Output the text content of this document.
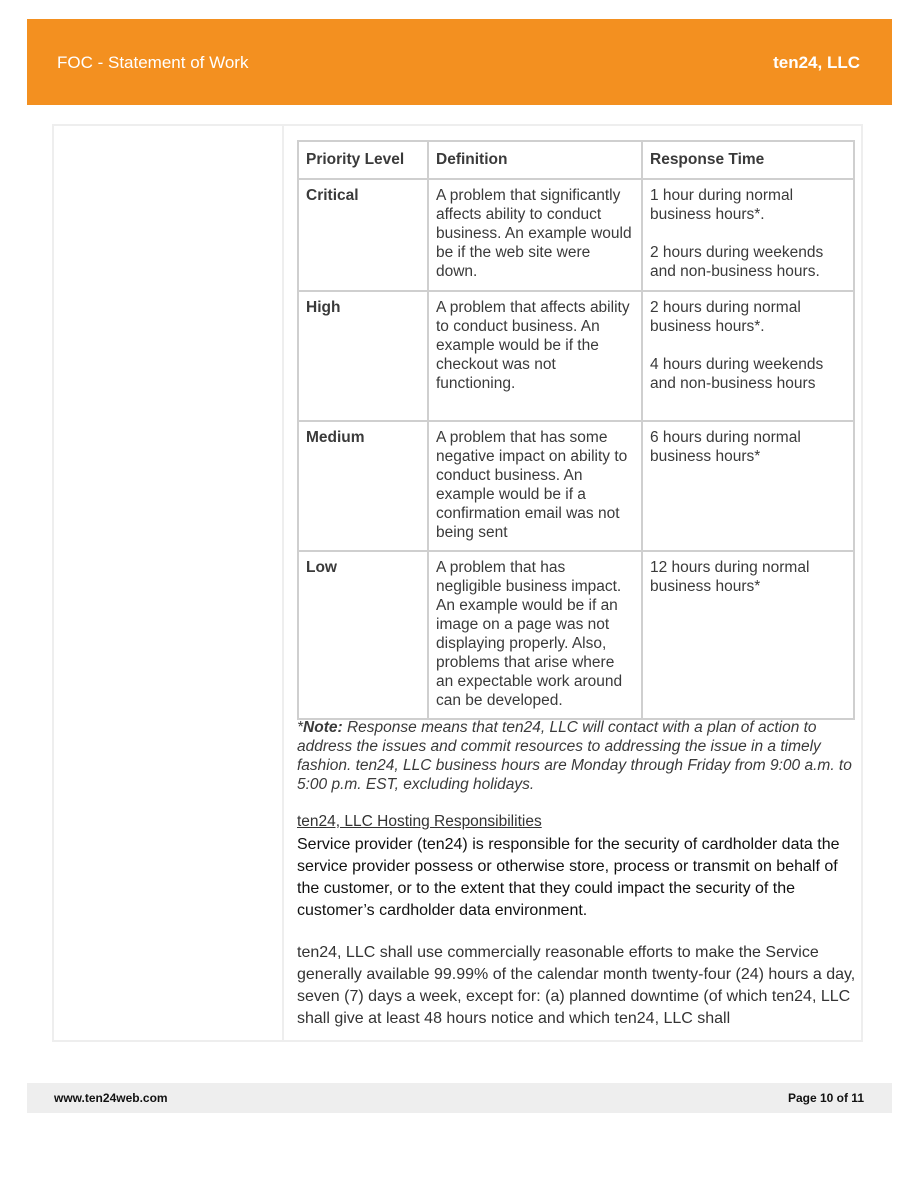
FOC - Statement of Work	ten24, LLC
Priority Level	Definition	Response Time
Critical	A problem that significantly affects ability to conduct business. An example would be if the web site were down.	1 hour during normal business hours*.
2 hours during weekends and non-business hours.

High	A problem that affects ability to conduct business. An example would be if the checkout was not functioning.	2 hours during normal business hours*.
4 hours during weekends and non-business hours

Medium	A problem that has some negative impact on ability to conduct business. An example would be if a confirmation email was not being sent	6 hours during normal business hours*

Low	A problem that has negligible business impact. An example would be if an image on a page was not displaying properly. Also, problems that arise where an expectable work around can be developed.	12 hours during normal business hours*
*Note: Response means that ten24, LLC will contact with a plan of action to address the issues and commit resources to addressing the issue in a timely fashion. ten24, LLC business hours are Monday through Friday from 9:00 a.m. to 5:00 p.m. EST, excluding holidays.
ten24, LLC Hosting Responsibilities
Service provider (ten24) is responsible for the security of cardholder data the service provider possess or otherwise store, process or transmit on behalf of the customer, or to the extent that they could impact the security of the customer’s cardholder data environment.
ten24, LLC shall use commercially reasonable efforts to make the Service generally available 99.99% of the calendar month twenty-four (24) hours a day, seven (7) days a week, except for: (a) planned downtime (of which ten24, LLC shall give at least 48 hours notice and which ten24, LLC shall
www.ten24web.com	Page 10 of 11
